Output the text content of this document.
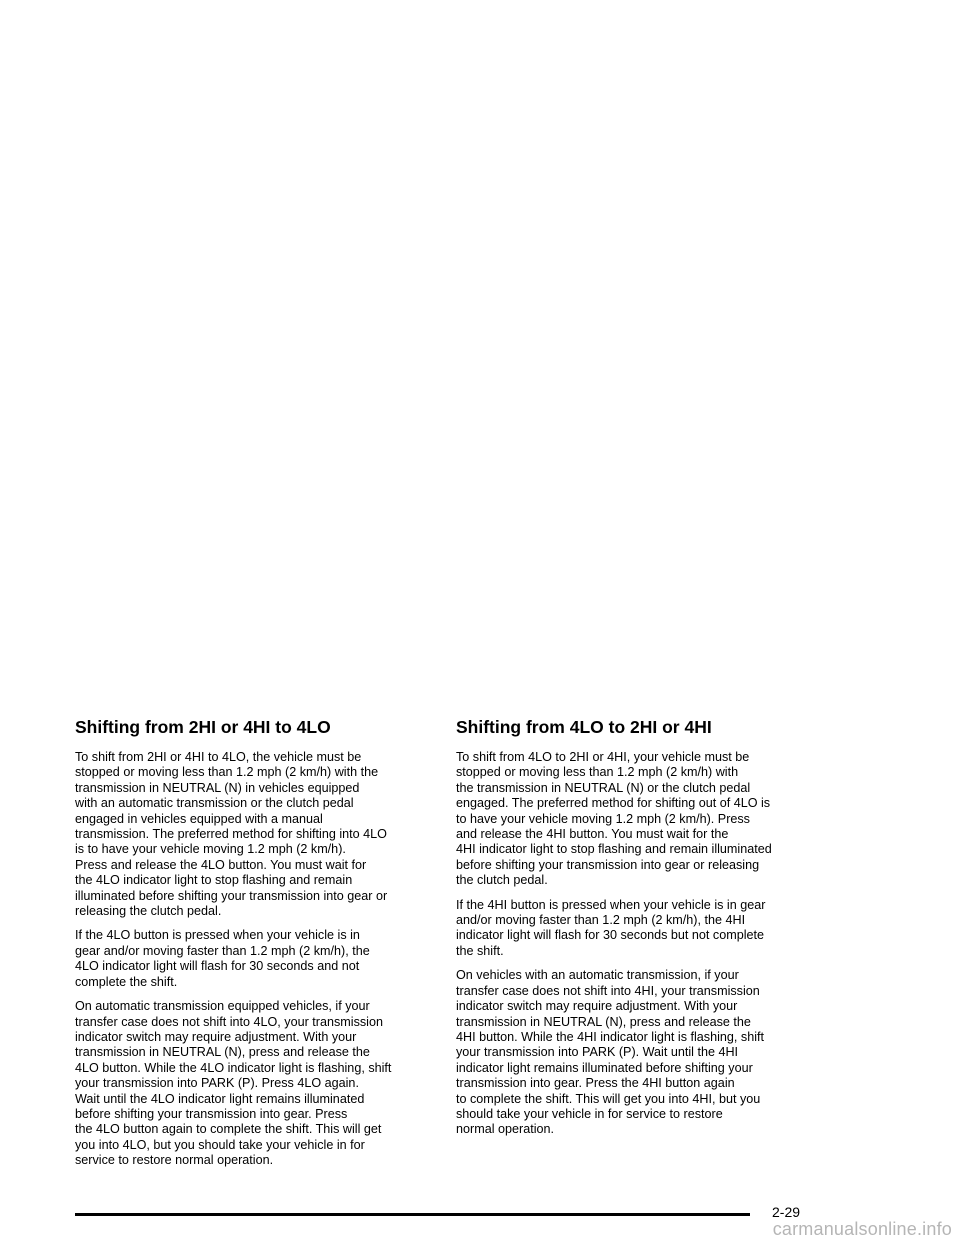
Shifting from 2HI or 4HI to 4LO

To shift from 2HI or 4HI to 4LO, the vehicle must be
stopped or moving less than 1.2 mph (2 km/h) with the
transmission in NEUTRAL (N) in vehicles equipped
with an automatic transmission or the clutch pedal
engaged in vehicles equipped with a manual
transmission. The preferred method for shifting into 4LO
is to have your vehicle moving 1.2 mph (2 km/h).
Press and release the 4LO button. You must wait for
the 4LO indicator light to stop flashing and remain
illuminated before shifting your transmission into gear or
releasing the clutch pedal.

If the 4LO button is pressed when your vehicle is in
gear and/or moving faster than 1.2 mph (2 km/h), the
4LO indicator light will flash for 30 seconds and not
complete the shift.

On automatic transmission equipped vehicles, if your
transfer case does not shift into 4LO, your transmission
indicator switch may require adjustment. With your
transmission in NEUTRAL (N), press and release the
4LO button. While the 4LO indicator light is flashing, shift
your transmission into PARK (P). Press 4LO again.
Wait until the 4LO indicator light remains illuminated
before shifting your transmission into gear. Press
the 4LO button again to complete the shift. This will get
you into 4LO, but you should take your vehicle in for
service to restore normal operation.

Shifting from 4LO to 2HI or 4HI

To shift from 4LO to 2HI or 4HI, your vehicle must be
stopped or moving less than 1.2 mph (2 km/h) with
the transmission in NEUTRAL (N) or the clutch pedal
engaged. The preferred method for shifting out of 4LO is
to have your vehicle moving 1.2 mph (2 km/h). Press
and release the 4HI button. You must wait for the
4HI indicator light to stop flashing and remain illuminated
before shifting your transmission into gear or releasing
the clutch pedal.

If the 4HI button is pressed when your vehicle is in gear
and/or moving faster than 1.2 mph (2 km/h), the 4HI
indicator light will flash for 30 seconds but not complete
the shift.

On vehicles with an automatic transmission, if your
transfer case does not shift into 4HI, your transmission
indicator switch may require adjustment. With your
transmission in NEUTRAL (N), press and release the
4HI button. While the 4HI indicator light is flashing, shift
your transmission into PARK (P). Wait until the 4HI
indicator light remains illuminated before shifting your
transmission into gear. Press the 4HI button again
to complete the shift. This will get you into 4HI, but you
should take your vehicle in for service to restore
normal operation.

2-29
carmanualsonline.info
